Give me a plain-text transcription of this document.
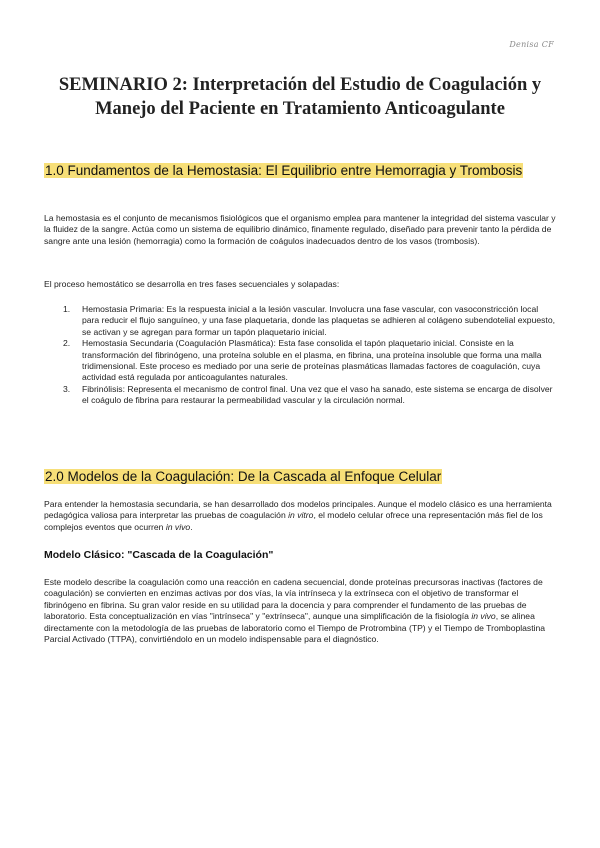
Denisa CF
SEMINARIO 2: Interpretación del Estudio de Coagulación y Manejo del Paciente en Tratamiento Anticoagulante
1.0 Fundamentos de la Hemostasia: El Equilibrio entre Hemorragia y Trombosis

La hemostasia es el conjunto de mecanismos fisiológicos que el organismo emplea para mantener la integridad del sistema vascular y la fluidez de la sangre. Actúa como un sistema de equilibrio dinámico, finamente regulado, diseñado para prevenir tanto la pérdida de sangre ante una lesión (hemorragia) como la formación de coágulos inadecuados dentro de los vasos (trombosis).

El proceso hemostático se desarrolla en tres fases secuenciales y solapadas:

1. Hemostasia Primaria: Es la respuesta inicial a la lesión vascular. Involucra una fase vascular, con vasoconstricción local para reducir el flujo sanguíneo, y una fase plaquetaria, donde las plaquetas se adhieren al colágeno subendotelial expuesto, se activan y se agregan para formar un tapón plaquetario inicial.
2. Hemostasia Secundaria (Coagulación Plasmática): Esta fase consolida el tapón plaquetario inicial. Consiste en la transformación del fibrinógeno, una proteína soluble en el plasma, en fibrina, una proteína insoluble que forma una malla tridimensional. Este proceso es mediado por una serie de proteínas plasmáticas llamadas factores de coagulación, cuya actividad está regulada por anticoagulantes naturales.
3. Fibrinólisis: Representa el mecanismo de control final. Una vez que el vaso ha sanado, este sistema se encarga de disolver el coágulo de fibrina para restaurar la permeabilidad vascular y la circulación normal.
2.0 Modelos de la Coagulación: De la Cascada al Enfoque Celular

Para entender la hemostasia secundaria, se han desarrollado dos modelos principales. Aunque el modelo clásico es una herramienta pedagógica valiosa para interpretar las pruebas de coagulación in vitro, el modelo celular ofrece una representación más fiel de los complejos eventos que ocurren in vivo.

Modelo Clásico: "Cascada de la Coagulación"

Este modelo describe la coagulación como una reacción en cadena secuencial, donde proteínas precursoras inactivas (factores de coagulación) se convierten en enzimas activas por dos vías, la vía intrínseca y la extrínseca con el objetivo de transformar el fibrinógeno en fibrina. Su gran valor reside en su utilidad para la docencia y para comprender el fundamento de las pruebas de laboratorio. Esta conceptualización en vías "intrínseca" y "extrínseca", aunque una simplificación de la fisiología in vivo, se alinea directamente con la metodología de las pruebas de laboratorio como el Tiempo de Protrombina (TP) y el Tiempo de Tromboplastina Parcial Activado (TTPA), convirtiéndolo en un modelo indispensable para el diagnóstico.
